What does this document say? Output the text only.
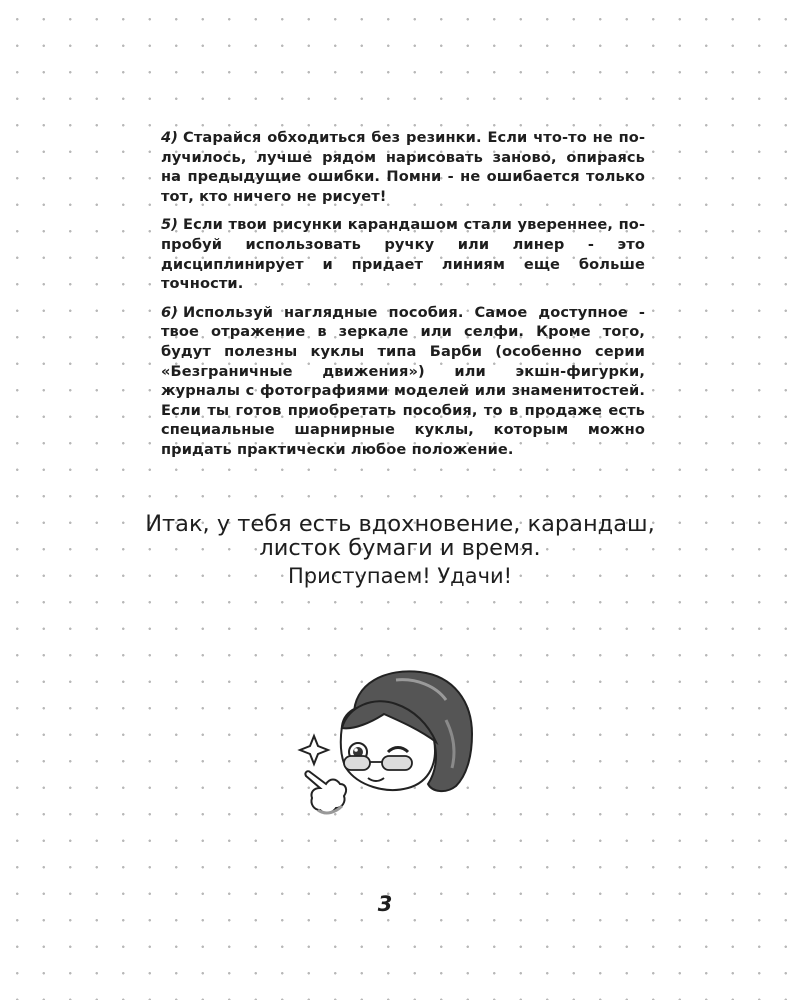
4) Старайся обходиться без резинки. Если что-то не получилось, лучше рядом нарисовать заново, опираясь на предыдущие ошибки. Помни - не ошибается только тот, кто ничего не рисует!

5) Если твои рисунки карандашом стали увереннее, попробуй использовать ручку или линер - это дисциплинирует и придает линиям еще больше точности.

6) Используй наглядные пособия. Самое доступное - твое отражение в зеркале или селфи. Кроме того, будут полезны куклы типа Барби (особенно серии «Безграничные движения») или экшн-фигурки, журналы с фотографиями моделей или знаменитостей. Если ты готов приобретать пособия, то в продаже есть специальные шарнирные куклы, которым можно придать практически любое положение.

Итак, у тебя есть вдохновение, карандаш,
листок бумаги и время.
Приступаем! Удачи!
3
